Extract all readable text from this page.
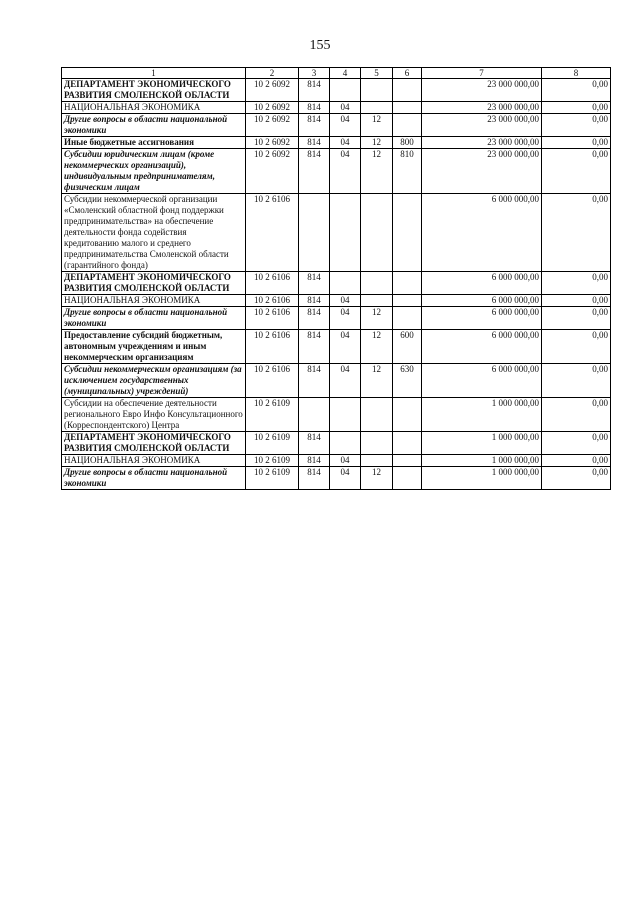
155
1	2	3	4	5	6	7	8
ДЕПАРТАМЕНТ ЭКОНОМИЧЕСКОГО РАЗВИТИЯ СМОЛЕНСКОЙ ОБЛАСТИ	10 2 6092	814				23 000 000,00	0,00
НАЦИОНАЛЬНАЯ ЭКОНОМИКА	10 2 6092	814	04			23 000 000,00	0,00
Другие вопросы в области национальной экономики	10 2 6092	814	04	12		23 000 000,00	0,00
Иные бюджетные ассигнования	10 2 6092	814	04	12	800	23 000 000,00	0,00
Субсидии юридическим лицам (кроме некоммерческих организаций), индивидуальным предпринимателям, физическим лицам	10 2 6092	814	04	12	810	23 000 000,00	0,00
Субсидии некоммерческой организации «Смоленский областной фонд поддержки предпринимательства» на обеспечение деятельности фонда содействия кредитованию малого и среднего предпринимательства Смоленской области (гарантийного фонда)	10 2 6106					6 000 000,00	0,00
ДЕПАРТАМЕНТ ЭКОНОМИЧЕСКОГО РАЗВИТИЯ СМОЛЕНСКОЙ ОБЛАСТИ	10 2 6106	814				6 000 000,00	0,00
НАЦИОНАЛЬНАЯ ЭКОНОМИКА	10 2 6106	814	04			6 000 000,00	0,00
Другие вопросы в области национальной экономики	10 2 6106	814	04	12		6 000 000,00	0,00
Предоставление субсидий бюджетным, автономным учреждениям и иным некоммерческим организациям	10 2 6106	814	04	12	600	6 000 000,00	0,00
Субсидии некоммерческим организациям (за исключением государственных (муниципальных) учреждений)	10 2 6106	814	04	12	630	6 000 000,00	0,00
Субсидии на обеспечение деятельности регионального Евро Инфо Консультационного (Корреспондентского) Центра	10 2 6109					1 000 000,00	0,00
ДЕПАРТАМЕНТ ЭКОНОМИЧЕСКОГО РАЗВИТИЯ СМОЛЕНСКОЙ ОБЛАСТИ	10 2 6109	814				1 000 000,00	0,00
НАЦИОНАЛЬНАЯ ЭКОНОМИКА	10 2 6109	814	04			1 000 000,00	0,00
Другие вопросы в области национальной экономики	10 2 6109	814	04	12		1 000 000,00	0,00
